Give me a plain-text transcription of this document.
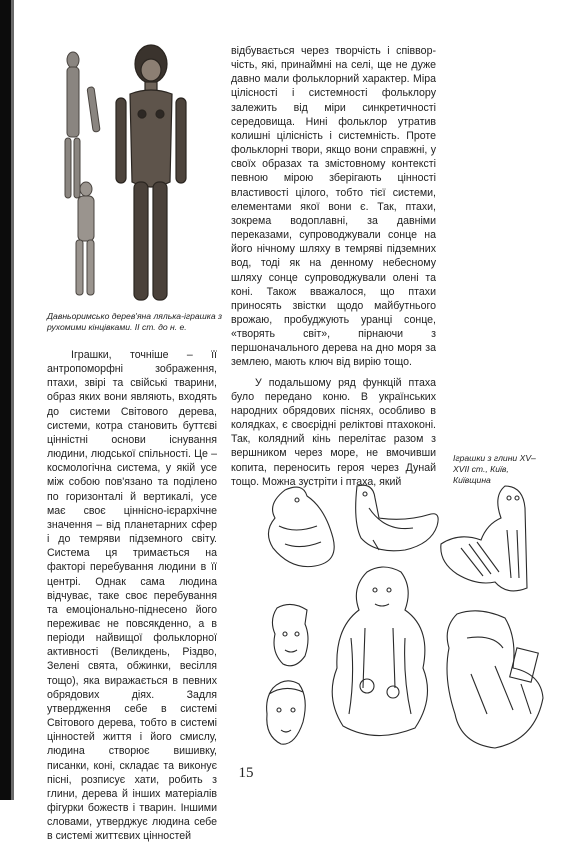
Давньоримсько дерев'яна лялька-іграшка з рухомими кінцівками. II ст. до н. е.

відбувається через творчість і співвор-чість, які, принаймні на селі, ще не дуже давно мали фольклорний характер. Міра цілісності і системності фольклору залежить від міри синкретичності середовища. Нині фольклор утратив колишні цілісність і системність. Проте фольклорні твори, якщо вони справжні, у своїх образах та змістовному контексті певною мірою зберігають цінності властивості цілого, тобто тієї системи, елементами якої вони є. Так, птахи, зокрема водоплавні, за давніми переказами, супроводжували сонце на його нічному шляху в темряві підземних вод, тоді як на денному небесному шляху сонце супроводжували олені та коні. Також вважалося, що птахи приносять звістки щодо майбутнього врожаю, пробуджують уранці сонце, «творять світ», пірнаючи з першоначального дерева на дно моря за землею, мають ключ від вирію тощо.

У подальшому ряд функцій птаха було передано коню. В українських народних обрядових піснях, особливо в колядках, є своєрідні реліктові птахоконі. Так, колядний кінь перелітає разом з вершником через море, не вмочивши копита, переносить героя через Дунай тощо. Можна зустріти і птаха, який

Іграшки, точніше – її антропоморфні зображення, птахи, звірі та свійські тварини, образ яких вони являють, входять до системи Світового дерева, системи, котра становить буттєві цінністні основи існування людини, людської спільності. Це – космологічна система, у якій усе між собою пов'язано та поділено по горизонталі й вертикалі, усе має своє ціннісно-ієрархічне значення – від планетарних сфер і до темряви підземного світу. Система ця тримається на факторі перебування людини в її центрі. Однак сама людина відчуває, таке своє перебування та емоціонально-піднесено його переживає не повсякденно, а в періоди найвищої фольклорної активності (Великдень, Різдво, Зелені свята, обжинки, весілля тощо), яка виражається в певних обрядових діях. Задля утвердження себе в системі Світового дерева, тобто в системі цінностей життя і його смислу, людина створює вишивку, писанки, коні, складає та виконує пісні, розписує хати, робить з глини, дерева й інших матеріалів фігурки божеств і тварин. Іншими словами, утверджує людина себе в системі життєвих цінностей

Іграшки з глини XV–XVII ст., Київ, Київщина
15
